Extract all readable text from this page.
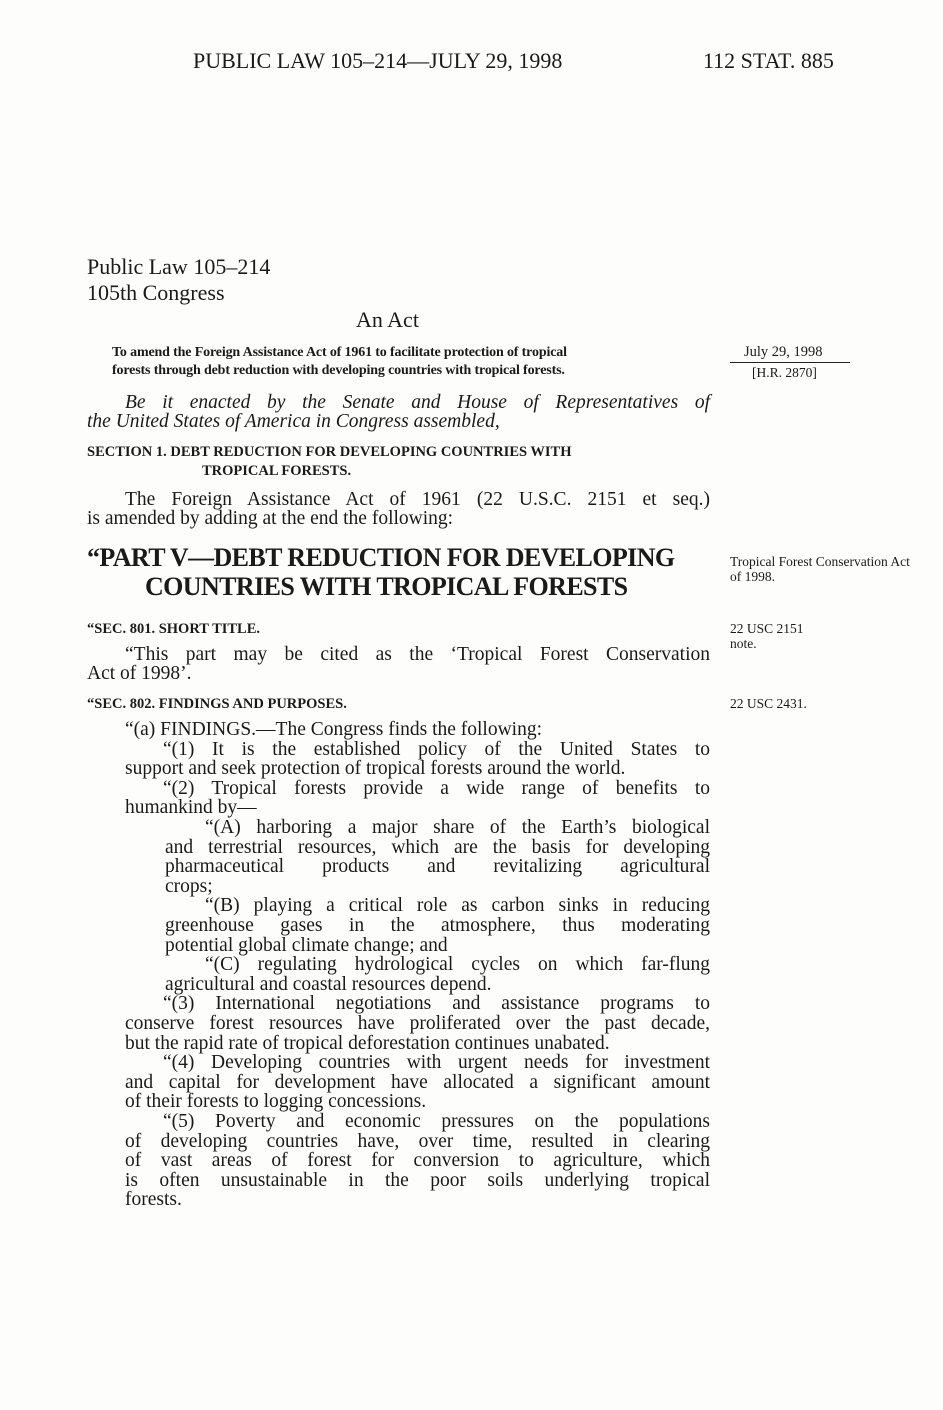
PUBLIC LAW 105–214—JULY 29, 1998	112 STAT. 885
Public Law 105–214
105th Congress
An Act
To amend the Foreign Assistance Act of 1961 to facilitate protection of tropical
forests through debt reduction with developing countries with tropical forests.
July 29, 1998
[H.R. 2870]
Be it enacted by the Senate and House of Representatives of
the United States of America in Congress assembled,
SECTION 1. DEBT REDUCTION FOR DEVELOPING COUNTRIES WITH
TROPICAL FORESTS.
The Foreign Assistance Act of 1961 (22 U.S.C. 2151 et seq.)
is amended by adding at the end the following:
“PART V—DEBT REDUCTION FOR DEVELOPING
COUNTRIES WITH TROPICAL FORESTS
Tropical Forest Conservation Act of 1998.
“SEC. 801. SHORT TITLE.	22 USC 2151 note.
“This part may be cited as the ‘Tropical Forest Conservation
Act of 1998’.
“SEC. 802. FINDINGS AND PURPOSES.	22 USC 2431.
“(a) FINDINGS.—The Congress finds the following:
“(1) It is the established policy of the United States to
support and seek protection of tropical forests around the world.
“(2) Tropical forests provide a wide range of benefits to
humankind by—
“(A) harboring a major share of the Earth’s biological
and terrestrial resources, which are the basis for developing
pharmaceutical products and revitalizing agricultural
crops;
“(B) playing a critical role as carbon sinks in reducing
greenhouse gases in the atmosphere, thus moderating
potential global climate change; and
“(C) regulating hydrological cycles on which far-flung
agricultural and coastal resources depend.
“(3) International negotiations and assistance programs to
conserve forest resources have proliferated over the past decade,
but the rapid rate of tropical deforestation continues unabated.
“(4) Developing countries with urgent needs for investment
and capital for development have allocated a significant amount
of their forests to logging concessions.
“(5) Poverty and economic pressures on the populations
of developing countries have, over time, resulted in clearing
of vast areas of forest for conversion to agriculture, which
is often unsustainable in the poor soils underlying tropical
forests.
